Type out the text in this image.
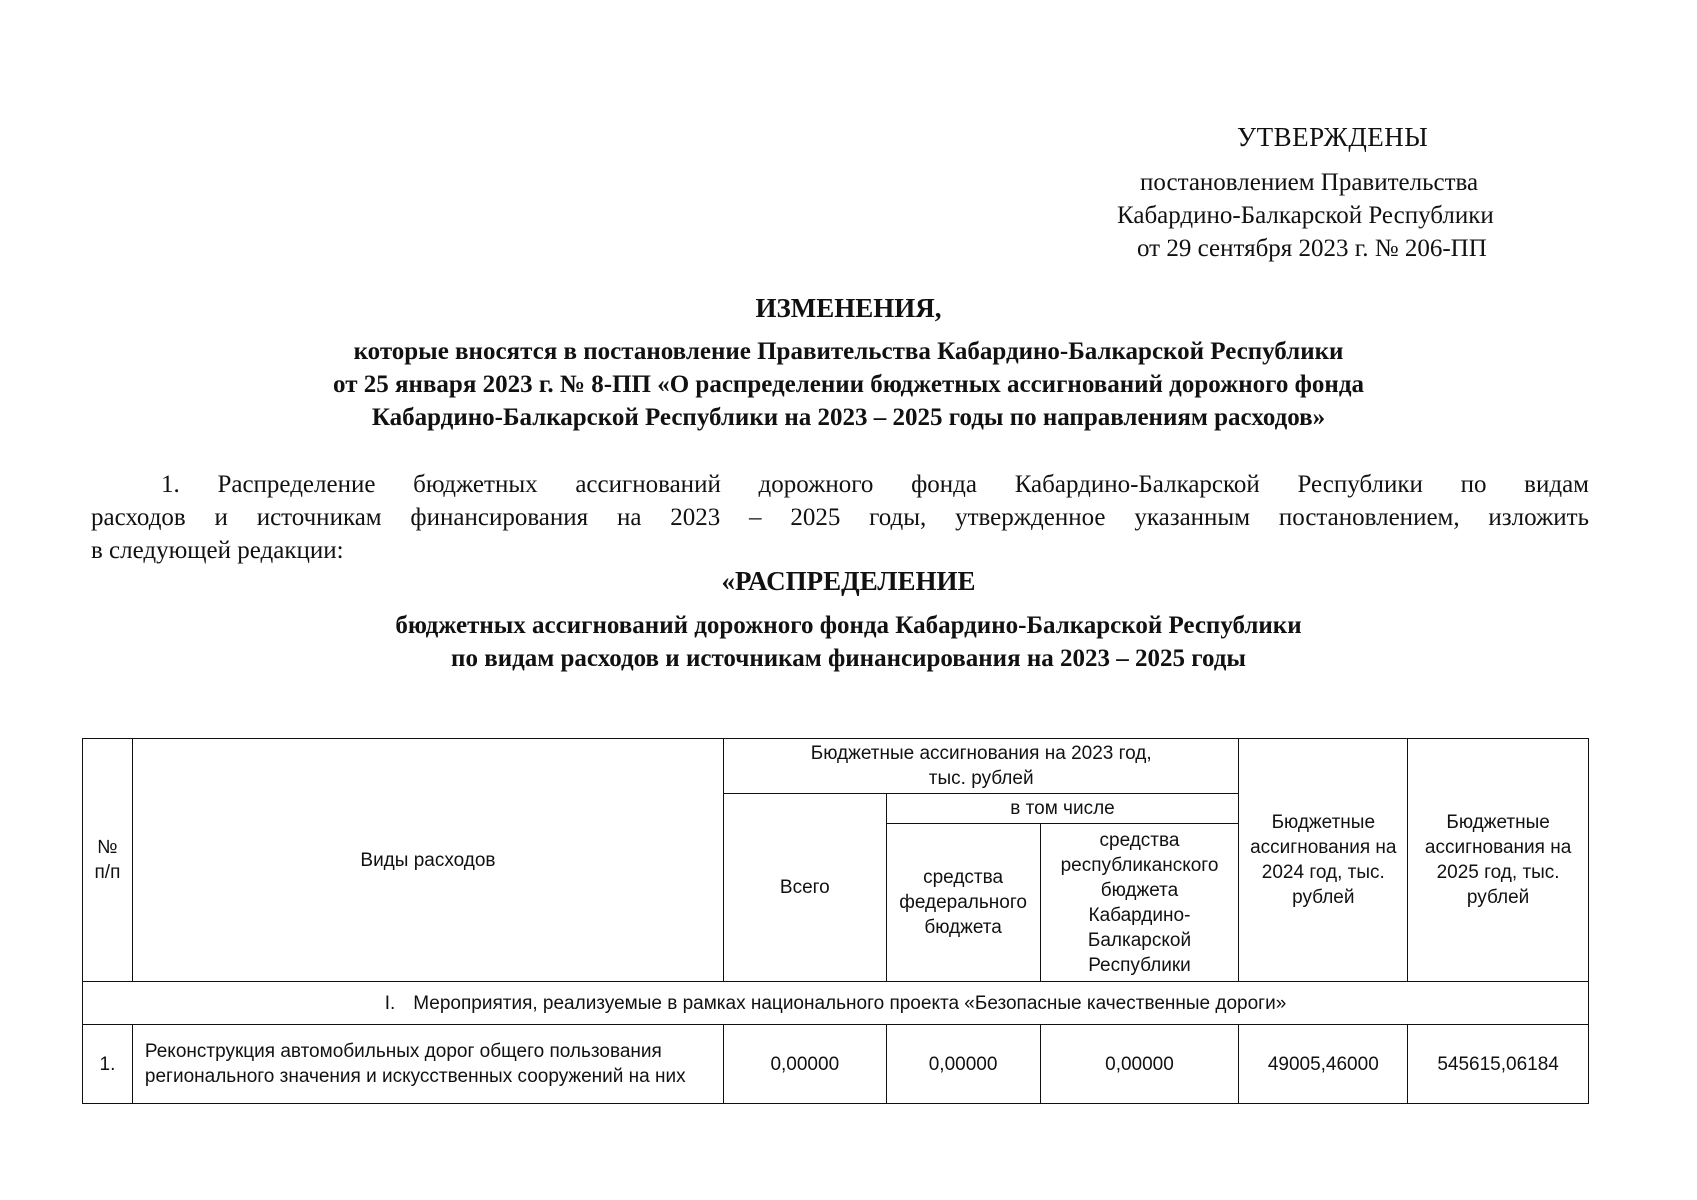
УТВЕРЖДЕНЫ
постановлением Правительства
Кабардино-Балкарской Республики
от 29 сентября 2023 г. № 206-ПП
ИЗМЕНЕНИЯ,
которые вносятся в постановление Правительства Кабардино-Балкарской Республики
от 25 января 2023 г. № 8-ПП «О распределении бюджетных ассигнований дорожного фонда
Кабардино-Балкарской Республики на 2023 – 2025 годы по направлениям расходов»
1. Распределение бюджетных ассигнований дорожного фонда Кабардино-Балкарской Республики по видам
расходов и источникам финансирования на 2023 – 2025 годы, утвержденное указанным постановлением, изложить
в следующей редакции:
«РАСПРЕДЕЛЕНИЕ
бюджетных ассигнований дорожного фонда Кабардино-Балкарской Республики
по видам расходов и источникам финансирования на 2023 – 2025 годы
№ п/п	Виды расходов	Бюджетные ассигнования на 2023 год, тыс. рублей			Бюджетные ассигнования на 2024 год, тыс. рублей	Бюджетные ассигнования на 2025 год, тыс. рублей
		Всего	в том числе			
			средства федерального бюджета	средства республиканского бюджета Кабардино-Балкарской Республики		
I. Мероприятия, реализуемые в рамках национального проекта «Безопасные качественные дороги»						
1.	Реконструкция автомобильных дорог общего пользования регионального значения и искусственных сооружений на них	0,00000	0,00000	0,00000	49005,46000	545615,06184
